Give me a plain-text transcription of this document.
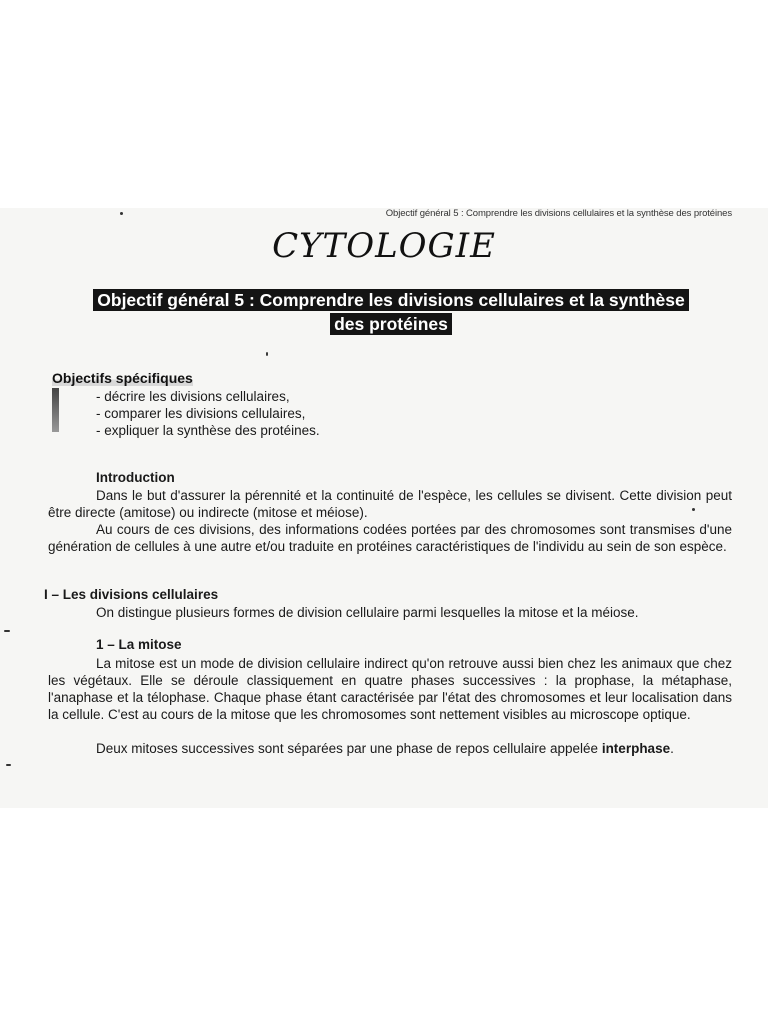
Objectif général 5 : Comprendre les divisions cellulaires et la synthèse des protéines
CYTOLOGIE
Objectif général 5 : Comprendre les divisions cellulaires et la synthèse
des protéines
Objectifs spécifiques
- décrire les divisions cellulaires,
- comparer les divisions cellulaires,
- expliquer la synthèse des protéines.
Introduction

Dans le but d'assurer la pérennité et la continuité de l'espèce, les cellules se divisent. Cette division peut être directe (amitose) ou indirecte (mitose et méiose).

Au cours de ces divisions, des informations codées portées par des chromosomes sont transmises d'une génération de cellules à une autre et/ou traduite en protéines caractéristiques de l'individu au sein de son espèce.

I – Les divisions cellulaires

On distingue plusieurs formes de division cellulaire parmi lesquelles la mitose et la méiose.

1 – La mitose

La mitose est un mode de division cellulaire indirect qu'on retrouve aussi bien chez les animaux que chez les végétaux. Elle se déroule classiquement en quatre phases successives : la prophase, la métaphase, l'anaphase et la télophase. Chaque phase étant caractérisée par l'état des chromosomes et leur localisation dans la cellule. C'est au cours de la mitose que les chromosomes sont nettement visibles au microscope optique.

Deux mitoses successives sont séparées par une phase de repos cellulaire appelée interphase.
